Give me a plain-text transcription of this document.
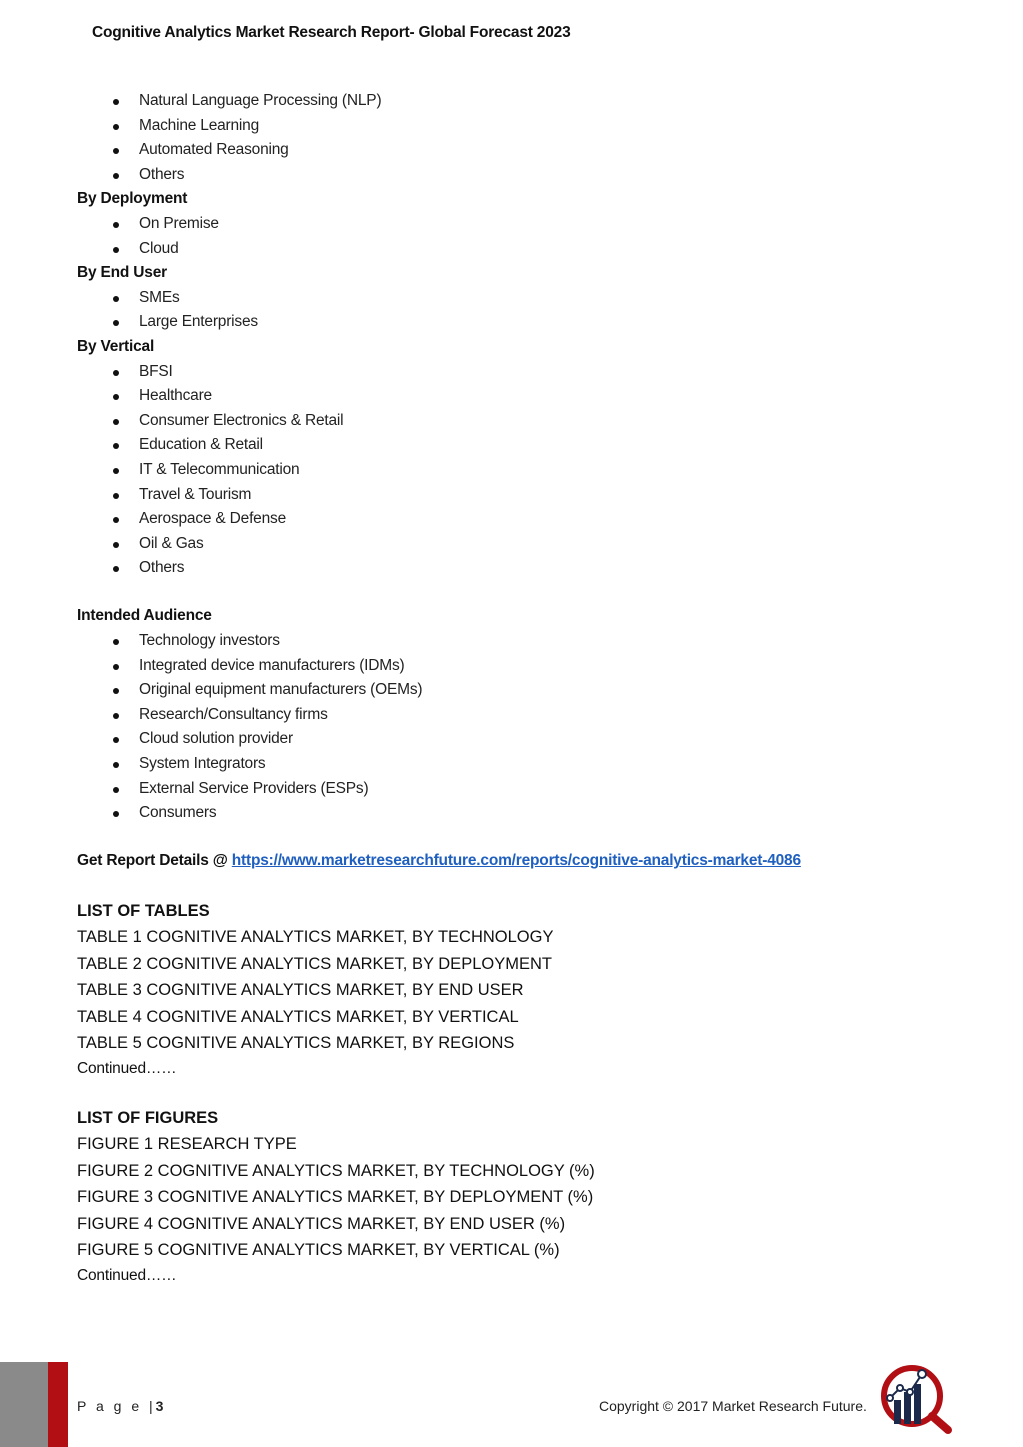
Cognitive Analytics Market Research Report- Global Forecast 2023
Natural Language Processing (NLP)
Machine Learning
Automated Reasoning
Others
By Deployment
On Premise
Cloud
By End User
SMEs
Large Enterprises
By Vertical
BFSI
Healthcare
Consumer Electronics & Retail
Education & Retail
IT & Telecommunication
Travel & Tourism
Aerospace & Defense
Oil & Gas
Others
Intended Audience
Technology investors
Integrated device manufacturers (IDMs)
Original equipment manufacturers (OEMs)
Research/Consultancy firms
Cloud solution provider
System Integrators
External Service Providers (ESPs)
Consumers
Get Report Details @ https://www.marketresearchfuture.com/reports/cognitive-analytics-market-4086
LIST OF TABLES
TABLE 1 COGNITIVE ANALYTICS MARKET, BY TECHNOLOGY
TABLE 2 COGNITIVE ANALYTICS MARKET, BY DEPLOYMENT
TABLE 3 COGNITIVE ANALYTICS MARKET, BY END USER
TABLE 4 COGNITIVE ANALYTICS MARKET, BY VERTICAL
TABLE 5 COGNITIVE ANALYTICS MARKET, BY REGIONS
Continued……
LIST OF FIGURES
FIGURE 1 RESEARCH TYPE
FIGURE 2 COGNITIVE ANALYTICS MARKET, BY TECHNOLOGY (%)
FIGURE 3 COGNITIVE ANALYTICS MARKET, BY DEPLOYMENT (%)
FIGURE 4 COGNITIVE ANALYTICS MARKET, BY END USER (%)
FIGURE 5 COGNITIVE ANALYTICS MARKET, BY VERTICAL (%)
Continued……
P a g e |3	Copyright © 2017 Market Research Future.
